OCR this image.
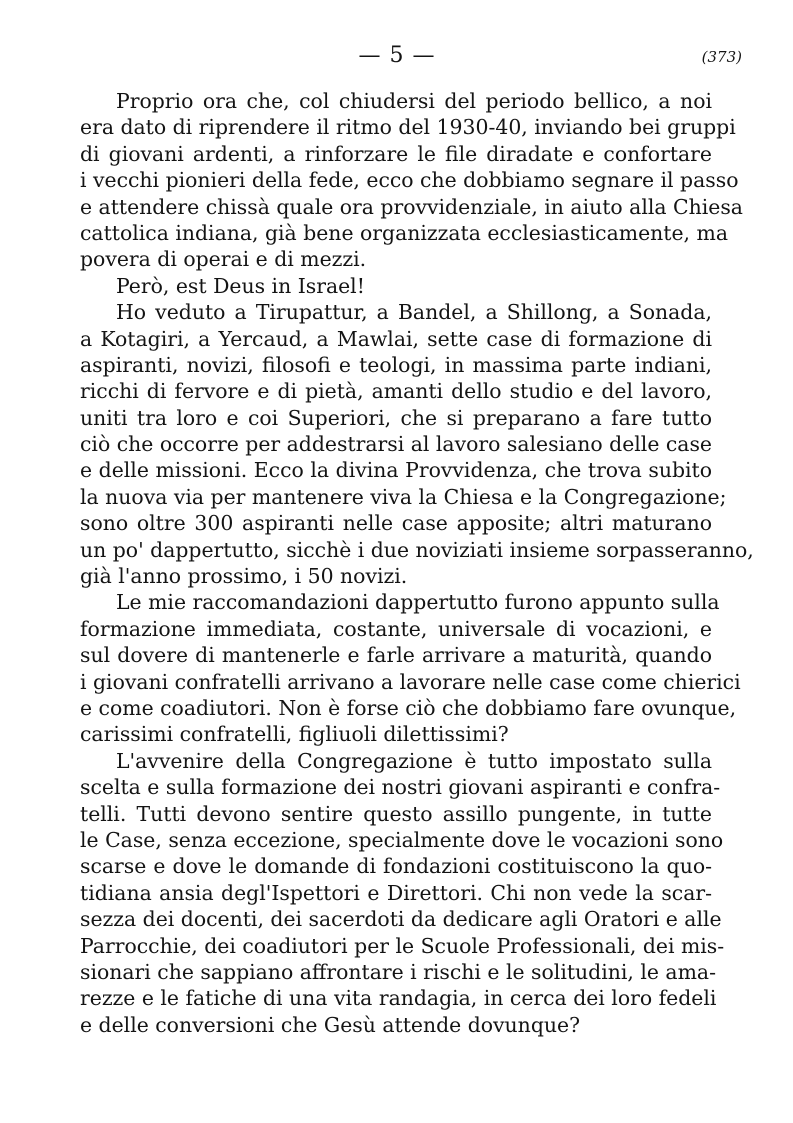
— 5 —	(373)
Proprio ora che, col chiudersi del periodo bellico, a noi
era dato di riprendere il ritmo del 1930-40, inviando bei gruppi
di giovani ardenti, a rinforzare le file diradate e confortare
i vecchi pionieri della fede, ecco che dobbiamo segnare il passo
e attendere chissà quale ora provvidenziale, in aiuto alla Chiesa
cattolica indiana, già bene organizzata ecclesiasticamente, ma
povera di operai e di mezzi.
Però, est Deus in Israel!
Ho veduto a Tirupattur, a Bandel, a Shillong, a Sonada,
a Kotagiri, a Yercaud, a Mawlai, sette case di formazione di
aspiranti, novizi, filosofi e teologi, in massima parte indiani,
ricchi di fervore e di pietà, amanti dello studio e del lavoro,
uniti tra loro e coi Superiori, che si preparano a fare tutto
ciò che occorre per addestrarsi al lavoro salesiano delle case
e delle missioni. Ecco la divina Provvidenza, che trova subito
la nuova via per mantenere viva la Chiesa e la Congregazione;
sono oltre 300 aspiranti nelle case apposite; altri maturano
un po' dappertutto, sicchè i due noviziati insieme sorpasseranno,
già l'anno prossimo, i 50 novizi.
Le mie raccomandazioni dappertutto furono appunto sulla
formazione immediata, costante, universale di vocazioni, e
sul dovere di mantenerle e farle arrivare a maturità, quando
i giovani confratelli arrivano a lavorare nelle case come chierici
e come coadiutori. Non è forse ciò che dobbiamo fare ovunque,
carissimi confratelli, figliuoli dilettissimi?
L'avvenire della Congregazione è tutto impostato sulla
scelta e sulla formazione dei nostri giovani aspiranti e confra-
telli. Tutti devono sentire questo assillo pungente, in tutte
le Case, senza eccezione, specialmente dove le vocazioni sono
scarse e dove le domande di fondazioni costituiscono la quo-
tidiana ansia degl'Ispettori e Direttori. Chi non vede la scar-
sezza dei docenti, dei sacerdoti da dedicare agli Oratori e alle
Parrocchie, dei coadiutori per le Scuole Professionali, dei mis-
sionari che sappiano affrontare i rischi e le solitudini, le ama-
rezze e le fatiche di una vita randagia, in cerca dei loro fedeli
e delle conversioni che Gesù attende dovunque?
